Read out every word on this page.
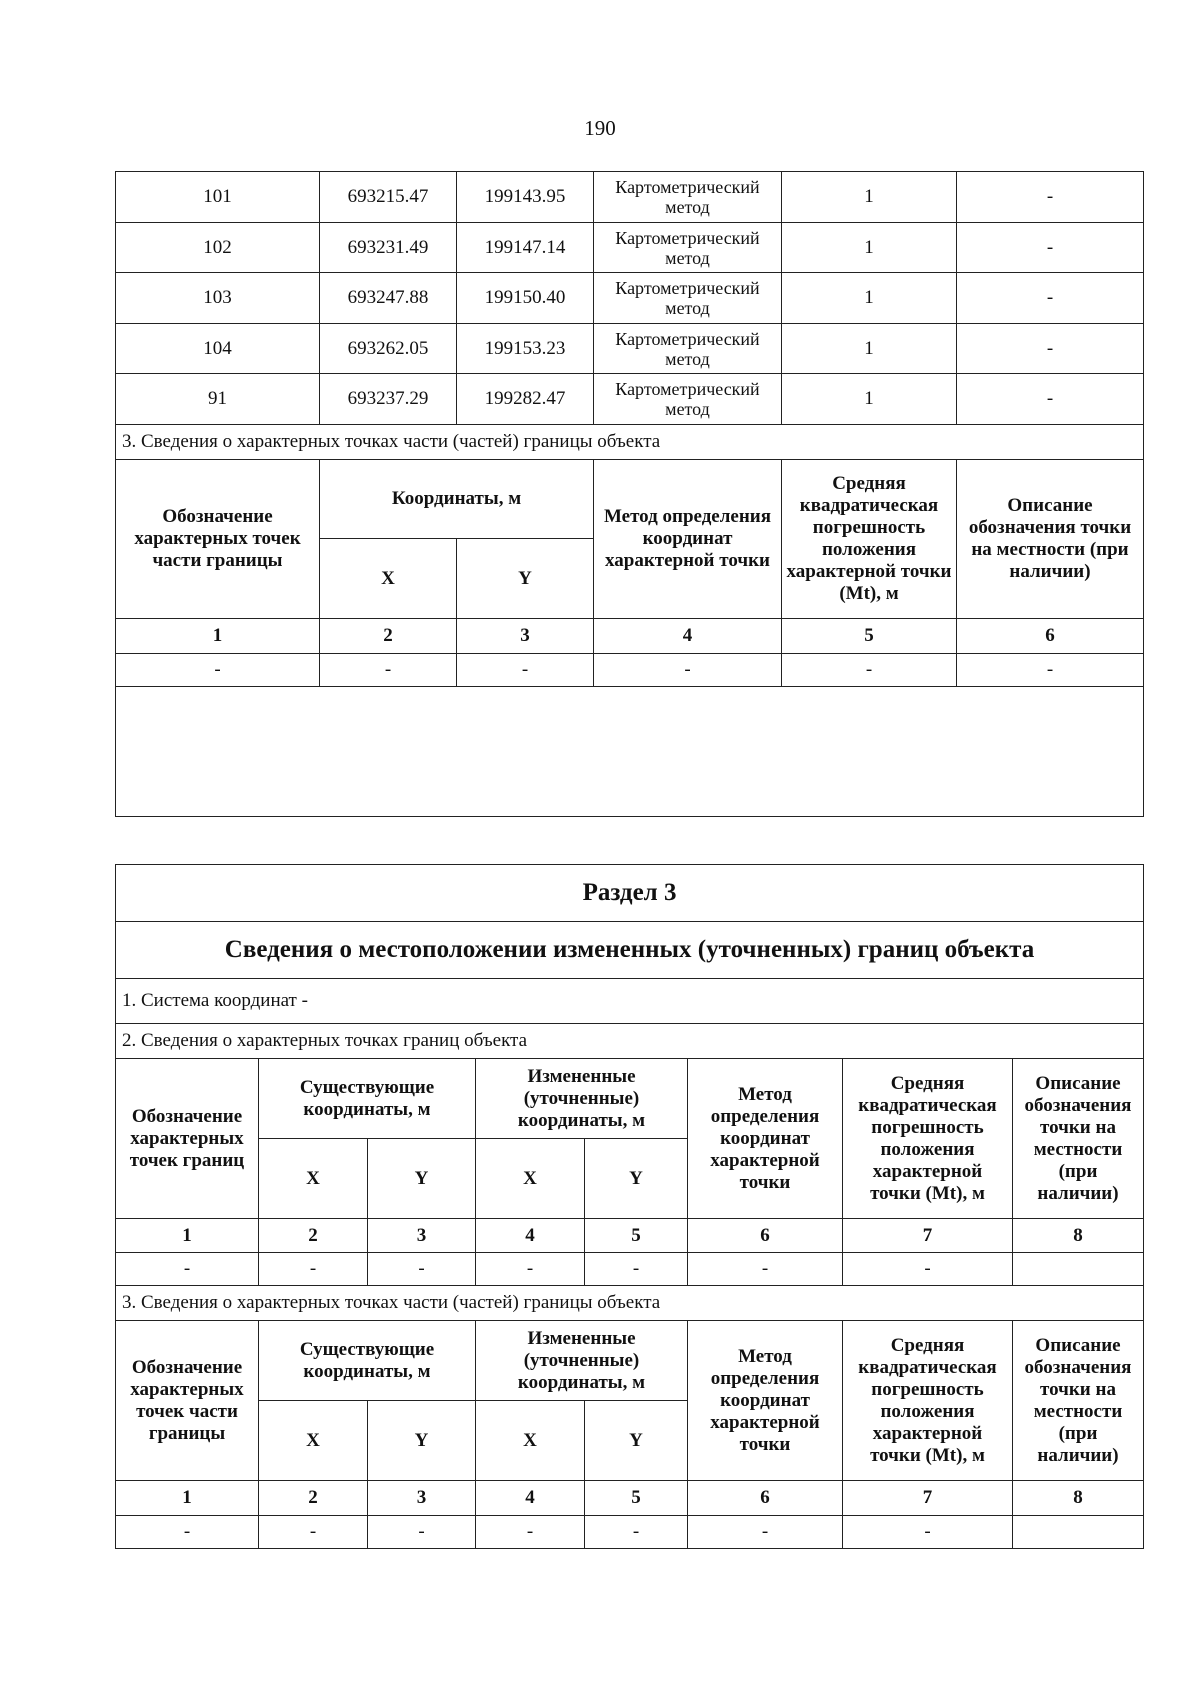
190
101	693215.47	199143.95	Картометрический метод	1	-
102	693231.49	199147.14	Картометрический метод	1	-
103	693247.88	199150.40	Картометрический метод	1	-
104	693262.05	199153.23	Картометрический метод	1	-
91	693237.29	199282.47	Картометрический метод	1	-
3. Сведения о характерных точках части (частей) границы объекта					
Обозначение характерных точек части границы	Координаты, м		Метод определения координат характерной точки	Средняя квадратическая погрешность положения характерной точки (Mt), м	Описание обозначения точки на местности (при наличии)
	X	Y			
1	2	3	4	5	6
-	-	-	-	-	-

Раздел 3							
Сведения о местоположении измененных (уточненных) границ объекта							
1. Система координат -							
2. Сведения о характерных точках границ объекта							
Обозначение характерных точек границ	Существующие координаты, м		Измененные (уточненные) координаты, м		Метод определения координат характерной точки	Средняя квадратическая погрешность положения характерной точки (Mt), м	Описание обозначения точки на местности (при наличии)
	X	Y	X	Y			
1	2	3	4	5	6	7	8
-	-	-	-	-	-	-	
3. Сведения о характерных точках части (частей) границы объекта							
Обозначение характерных точек части границы	Существующие координаты, м		Измененные (уточненные) координаты, м		Метод определения координат характерной точки	Средняя квадратическая погрешность положения характерной точки (Mt), м	Описание обозначения точки на местности (при наличии)
	X	Y	X	Y			
1	2	3	4	5	6	7	8
-	-	-	-	-	-	-	
